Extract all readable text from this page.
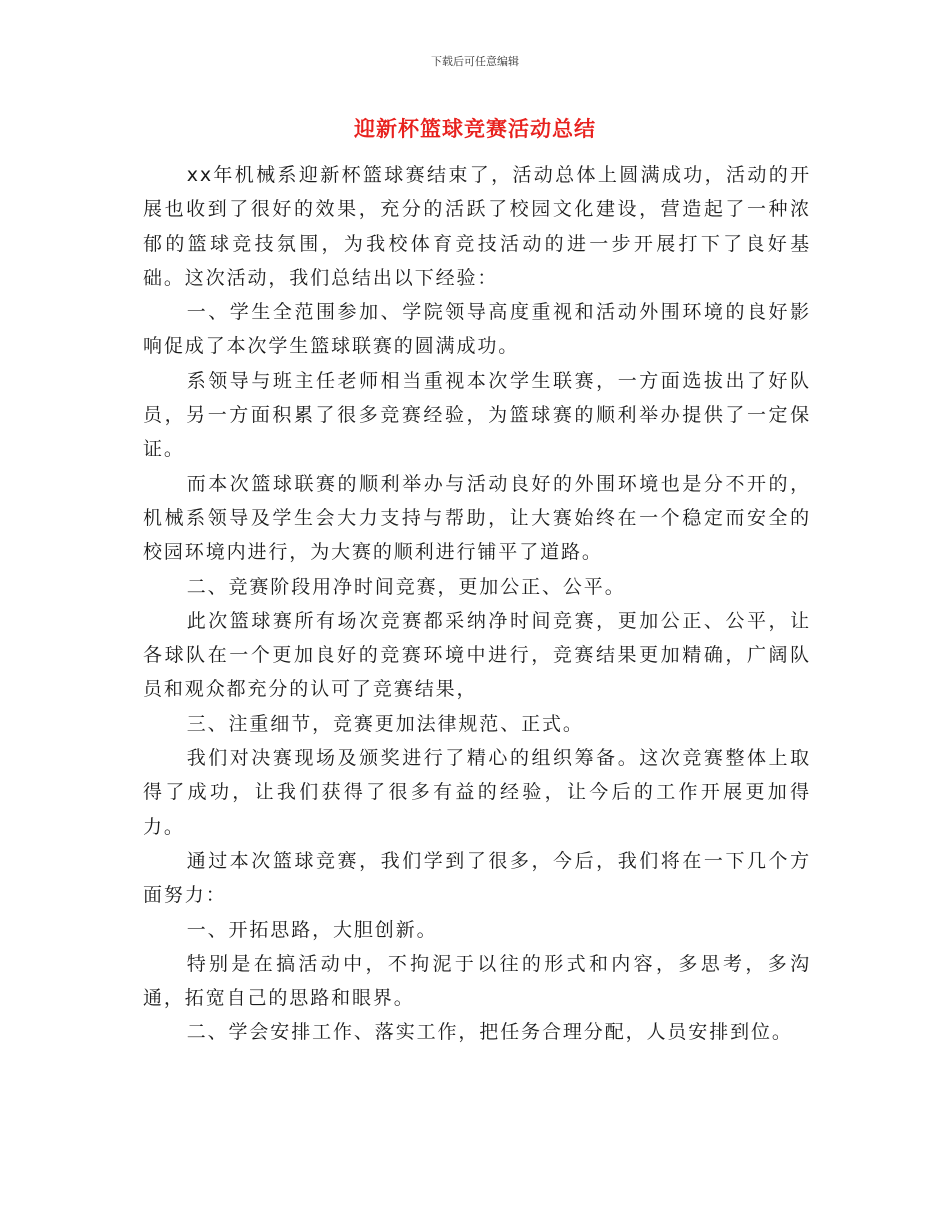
下载后可任意编辑
迎新杯篮球竞赛活动总结

xx年机械系迎新杯篮球赛结束了，活动总体上圆满成功，活动的开展也收到了很好的效果，充分的活跃了校园文化建设，营造起了一种浓郁的篮球竞技氛围，为我校体育竞技活动的进一步开展打下了良好基础。这次活动，我们总结出以下经验：

一、学生全范围参加、学院领导高度重视和活动外围环境的良好影响促成了本次学生篮球联赛的圆满成功。

系领导与班主任老师相当重视本次学生联赛，一方面选拔出了好队员，另一方面积累了很多竞赛经验，为篮球赛的顺利举办提供了一定保证。

而本次篮球联赛的顺利举办与活动良好的外围环境也是分不开的，机械系领导及学生会大力支持与帮助，让大赛始终在一个稳定而安全的校园环境内进行，为大赛的顺利进行铺平了道路。

二、竞赛阶段用净时间竞赛，更加公正、公平。

此次篮球赛所有场次竞赛都采纳净时间竞赛，更加公正、公平，让各球队在一个更加良好的竞赛环境中进行，竞赛结果更加精确，广阔队员和观众都充分的认可了竞赛结果，

三、注重细节，竞赛更加法律规范、正式。

我们对决赛现场及颁奖进行了精心的组织筹备。这次竞赛整体上取得了成功，让我们获得了很多有益的经验，让今后的工作开展更加得力。

通过本次篮球竞赛，我们学到了很多，今后，我们将在一下几个方面努力：

一、开拓思路，大胆创新。

特别是在搞活动中，不拘泥于以往的形式和内容，多思考，多沟通，拓宽自己的思路和眼界。

二、学会安排工作、落实工作，把任务合理分配，人员安排到位。
